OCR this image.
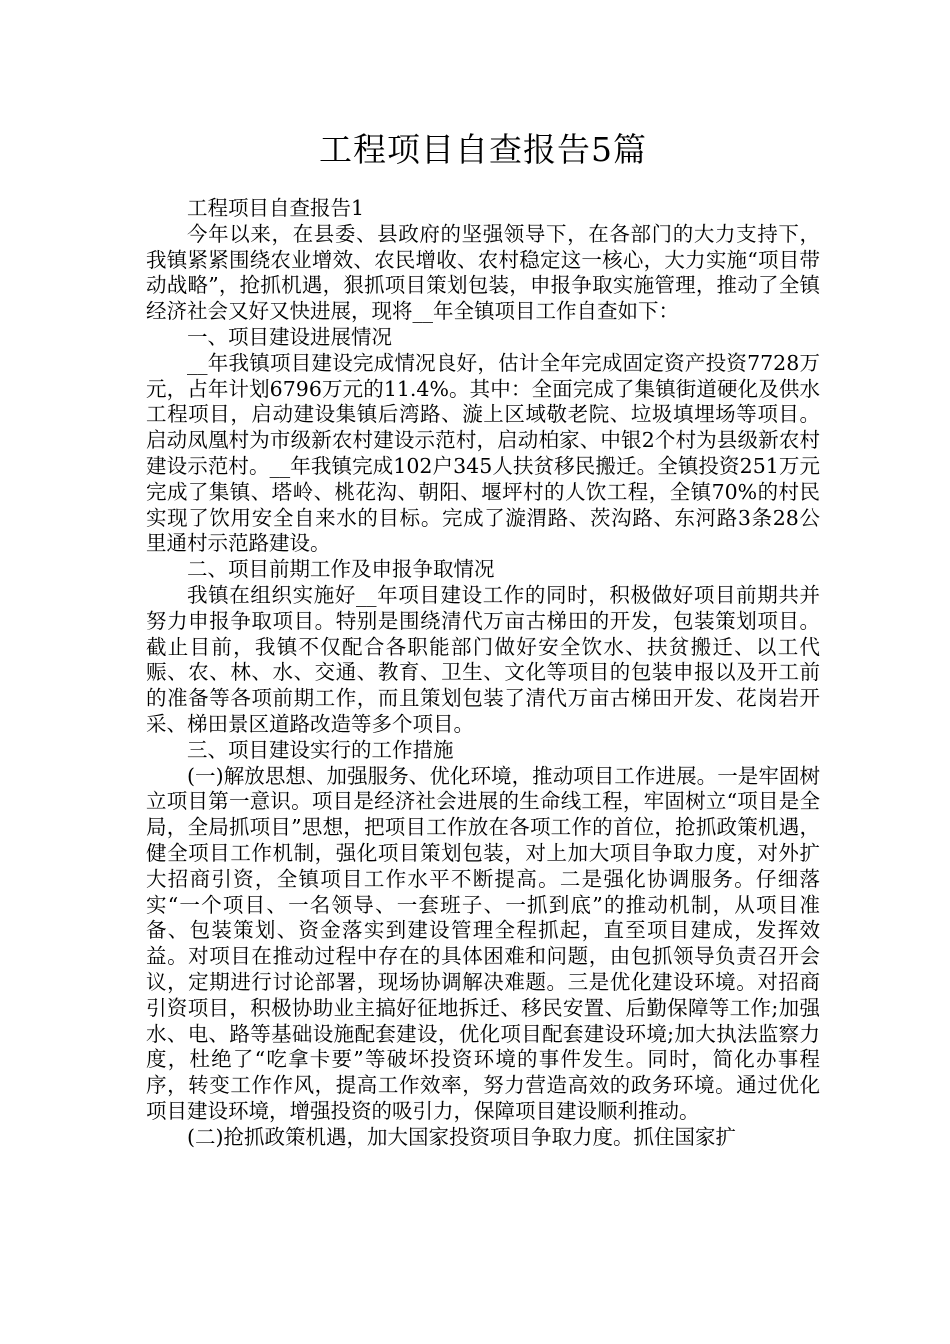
工程项目自查报告5篇

工程项目自查报告1

今年以来，在县委、县政府的坚强领导下，在各部门的大力支持下，我镇紧紧围绕农业增效、农民增收、农村稳定这一核心，大力实施“项目带动战略”，抢抓机遇，狠抓项目策划包装，申报争取实施管理，推动了全镇经济社会又好又快进展，现将__年全镇项目工作自查如下：

一、项目建设进展情况

__年我镇项目建设完成情况良好，估计全年完成固定资产投资7728万元，占年计划6796万元的11.4%。其中：全面完成了集镇街道硬化及供水工程项目，启动建设集镇后湾路、漩上区域敬老院、垃圾填埋场等项目。启动凤凰村为市级新农村建设示范村，启动柏家、中银2个村为县级新农村建设示范村。__年我镇完成102户345人扶贫移民搬迁。全镇投资251万元完成了集镇、塔岭、桃花沟、朝阳、堰坪村的人饮工程，全镇70%的村民实现了饮用安全自来水的目标。完成了漩渭路、茨沟路、东河路3条28公里通村示范路建设。

二、项目前期工作及申报争取情况

我镇在组织实施好__年项目建设工作的同时，积极做好项目前期共并努力申报争取项目。特别是围绕清代万亩古梯田的开发，包装策划项目。截止目前，我镇不仅配合各职能部门做好安全饮水、扶贫搬迁、以工代赈、农、林、水、交通、教育、卫生、文化等项目的包装申报以及开工前的准备等各项前期工作，而且策划包装了清代万亩古梯田开发、花岗岩开采、梯田景区道路改造等多个项目。

三、项目建设实行的工作措施

(一)解放思想、加强服务、优化环境，推动项目工作进展。一是牢固树立项目第一意识。项目是经济社会进展的生命线工程，牢固树立“项目是全局，全局抓项目”思想，把项目工作放在各项工作的首位，抢抓政策机遇，健全项目工作机制，强化项目策划包装，对上加大项目争取力度，对外扩大招商引资，全镇项目工作水平不断提高。二是强化协调服务。仔细落实“一个项目、一名领导、一套班子、一抓到底”的推动机制，从项目准备、包装策划、资金落实到建设管理全程抓起，直至项目建成，发挥效益。对项目在推动过程中存在的具体困难和问题，由包抓领导负责召开会议，定期进行讨论部署，现场协调解决难题。三是优化建设环境。对招商引资项目，积极协助业主搞好征地拆迁、移民安置、后勤保障等工作;加强水、电、路等基础设施配套建设，优化项目配套建设环境;加大执法监察力度，杜绝了“吃拿卡要”等破坏投资环境的事件发生。同时，简化办事程序，转变工作作风，提高工作效率，努力营造高效的政务环境。通过优化项目建设环境，增强投资的吸引力，保障项目建设顺利推动。

(二)抢抓政策机遇，加大国家投资项目争取力度。抓住国家扩
